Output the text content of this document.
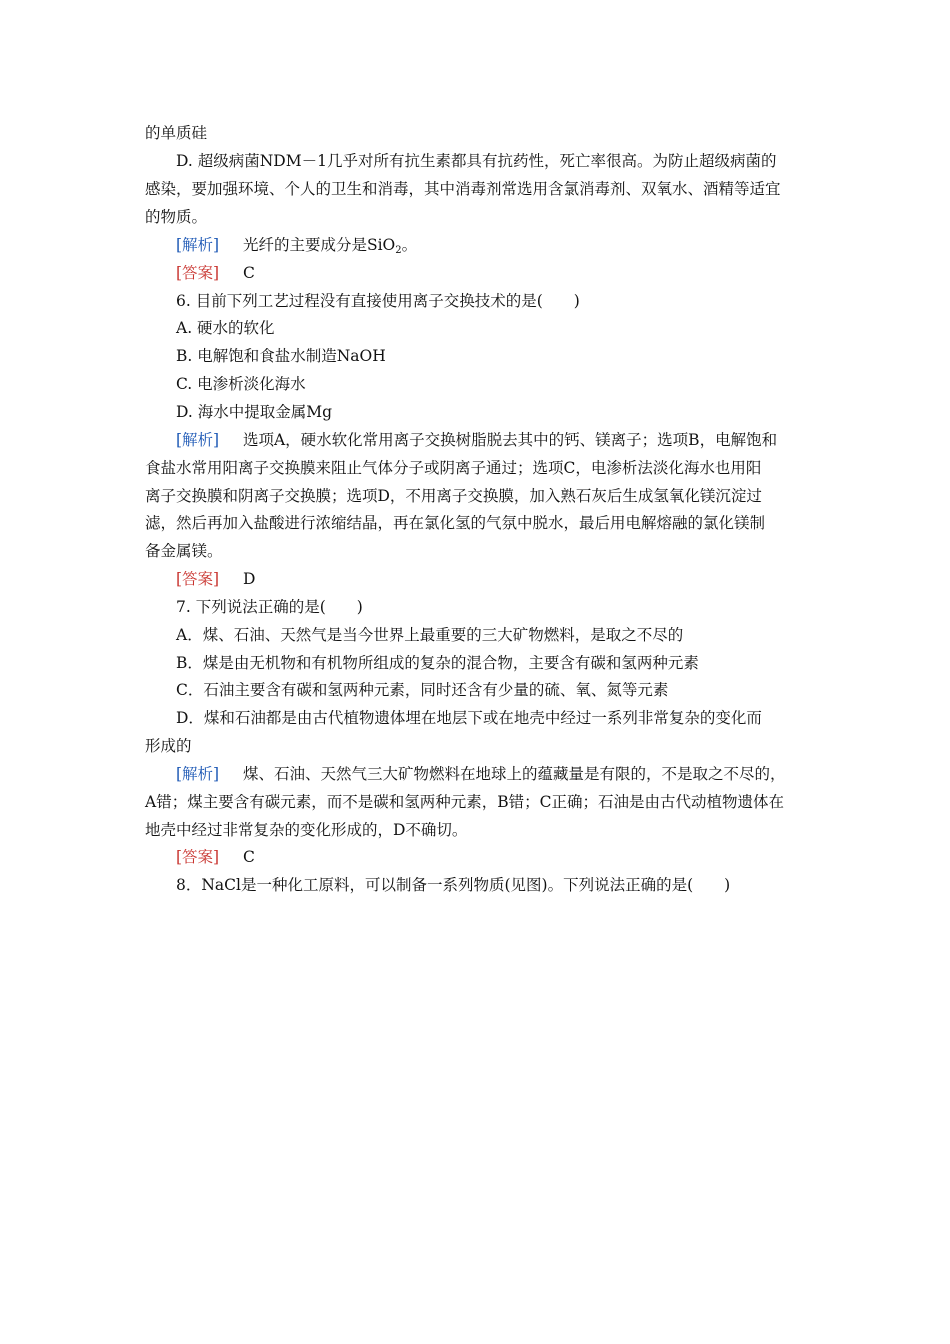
的单质硅
D. 超级病菌NDM－1几乎对所有抗生素都具有抗药性，死亡率很高。为防止超级病菌的
感染，要加强环境、个人的卫生和消毒，其中消毒剂常选用含氯消毒剂、双氧水、酒精等适宜
的物质。
[解析] 光纤的主要成分是SiO$_2$。
[答案] C
6. 目前下列工艺过程没有直接使用离子交换技术的是(　　)
A. 硬水的软化
B. 电解饱和食盐水制造NaOH
C. 电渗析淡化海水
D. 海水中提取金属Mg
[解析] 选项A，硬水软化常用离子交换树脂脱去其中的钙、镁离子；选项B，电解饱和
食盐水常用阳离子交换膜来阻止气体分子或阴离子通过；选项C，电渗析法淡化海水也用阳
离子交换膜和阴离子交换膜；选项D，不用离子交换膜，加入熟石灰后生成氢氧化镁沉淀过
滤，然后再加入盐酸进行浓缩结晶，再在氯化氢的气氛中脱水，最后用电解熔融的氯化镁制
备金属镁。
[答案] D
7. 下列说法正确的是(　　)
A．煤、石油、天然气是当今世界上最重要的三大矿物燃料，是取之不尽的
B．煤是由无机物和有机物所组成的复杂的混合物，主要含有碳和氢两种元素
C．石油主要含有碳和氢两种元素，同时还含有少量的硫、氧、氮等元素
D．煤和石油都是由古代植物遗体埋在地层下或在地壳中经过一系列非常复杂的变化而
形成的
[解析] 煤、石油、天然气三大矿物燃料在地球上的蕴藏量是有限的，不是取之不尽的，
A错；煤主要含有碳元素，而不是碳和氢两种元素，B错；C正确；石油是由古代动植物遗体在
地壳中经过非常复杂的变化形成的，D不确切。
[答案] C
8．NaCl是一种化工原料，可以制备一系列物质(见图)。下列说法正确的是(　　)
